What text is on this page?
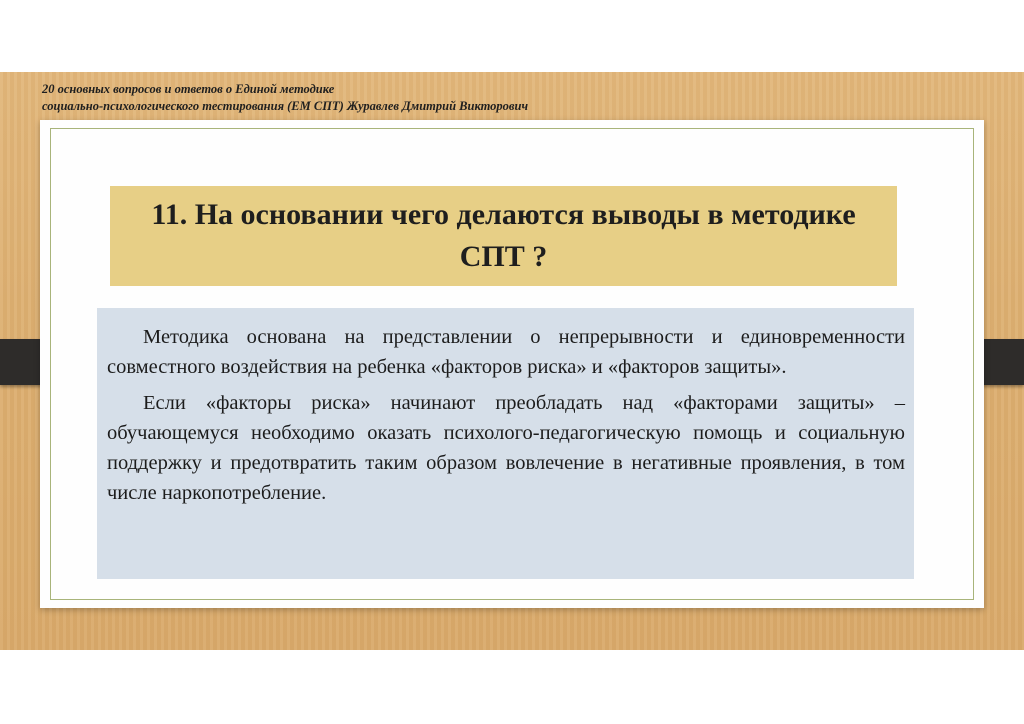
20 основных вопросов и ответов о Единой методике
социально-психологического тестирования (ЕМ СПТ) Журавлев Дмитрий Викторович
11. На основании чего делаются выводы в методике СПТ ?

Методика основана на представлении о непрерывности и единовременности совместного воздействия на ребенка «факторов риска» и «факторов защиты».

Если «факторы риска» начинают преобладать над «факторами защиты» – обучающемуся необходимо оказать психолого-педагогическую помощь и социальную поддержку и предотвратить таким образом вовлечение в негативные проявления, в том числе наркопотребление.
